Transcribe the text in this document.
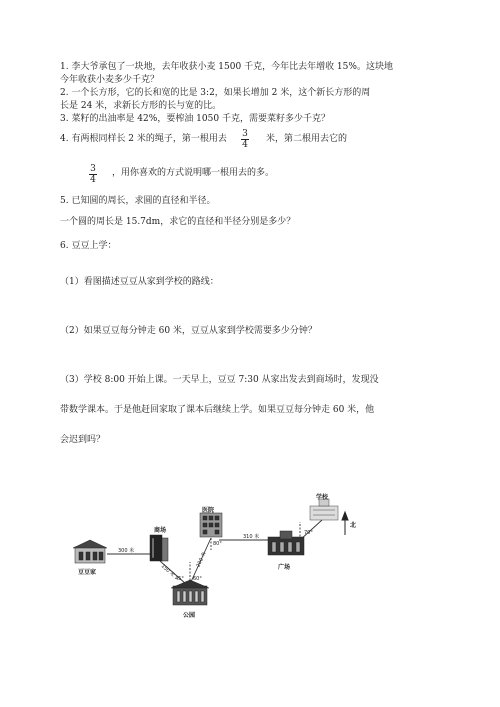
1. 李大爷承包了一块地，去年收获小麦 1500 千克，今年比去年增收 15%。这块地
今年收获小麦多少千克？
2. 一个长方形，它的长和宽的比是 3:2，如果长增加 2 米，这个新长方形的周
长是 24 米，求新长方形的长与宽的比。
3. 菜籽的出油率是 42%，要榨油 1050 千克，需要菜籽多少千克？
4. 有两根同样长 2 米的绳子，第一根用去 3
4
米，第二根用去它的
3
4
，用你喜欢的方式说明哪一根用去的多。
5. 已知圆的周长，求圆的直径和半径。
一个圆的周长是 15.7dm，求它的直径和半径分别是多少？
6. 豆豆上学：
（1）看图描述豆豆从家到学校的路线：
（2）如果豆豆每分钟走 60 米，豆豆从家到学校需要多少分钟？
（3）学校 8:00 开始上课。一天早上，豆豆 7:30 从家出发去到商场时，发现没
带数学课本。于是他赶回家取了课本后继续上学。如果豆豆每分钟走 60 米，他
会迟到吗？
豆豆家
商场
医院
学校
广场
公园
北
300 米
150 米
200 米
310 米
70°
45° 60°
80°
